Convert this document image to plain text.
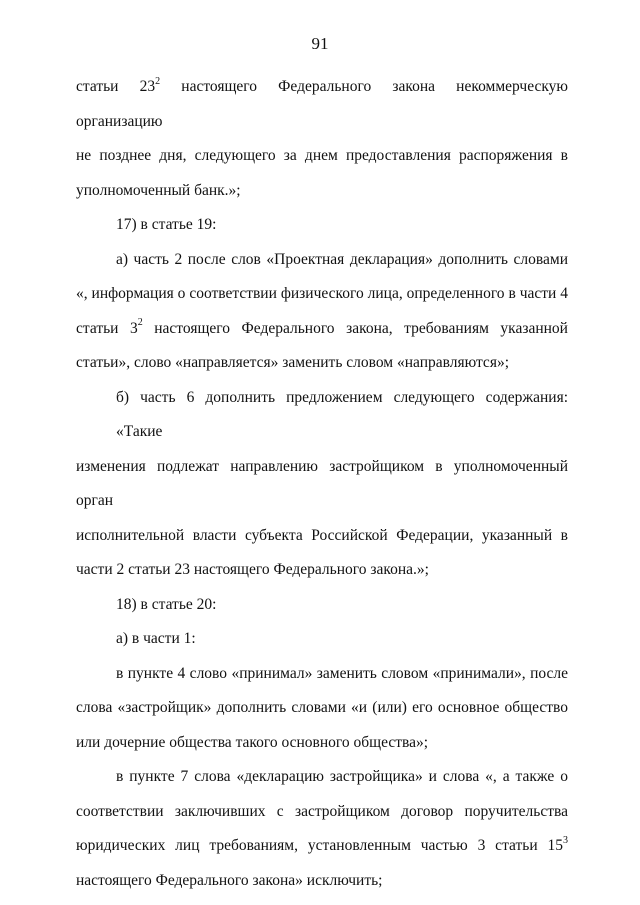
91
статьи $23^2$ настоящего Федерального закона некоммерческую организацию
не позднее дня, следующего за днем предоставления распоряжения в
уполномоченный банк.»;
17) в статье 19:
а) часть 2 после слов «Проектная декларация» дополнить словами
«, информация о соответствии физического лица, определенного в части 4
статьи $3^2$ настоящего Федерального закона, требованиям указанной
статьи», слово «направляется» заменить словом «направляются»;
б) часть 6 дополнить предложением следующего содержания: «Такие
изменения подлежат направлению застройщиком в уполномоченный орган
исполнительной власти субъекта Российской Федерации, указанный в
части 2 статьи 23 настоящего Федерального закона.»;
18) в статье 20:
а) в части 1:
в пункте 4 слово «принимал» заменить словом «принимали», после
слова «застройщик» дополнить словами «и (или) его основное общество
или дочерние общества такого основного общества»;
в пункте 7 слова «декларацию застройщика» и слова «, а также о
соответствии заключивших с застройщиком договор поручительства
юридических лиц требованиям, установленным частью 3 статьи $15^3$
настоящего Федерального закона» исключить;
